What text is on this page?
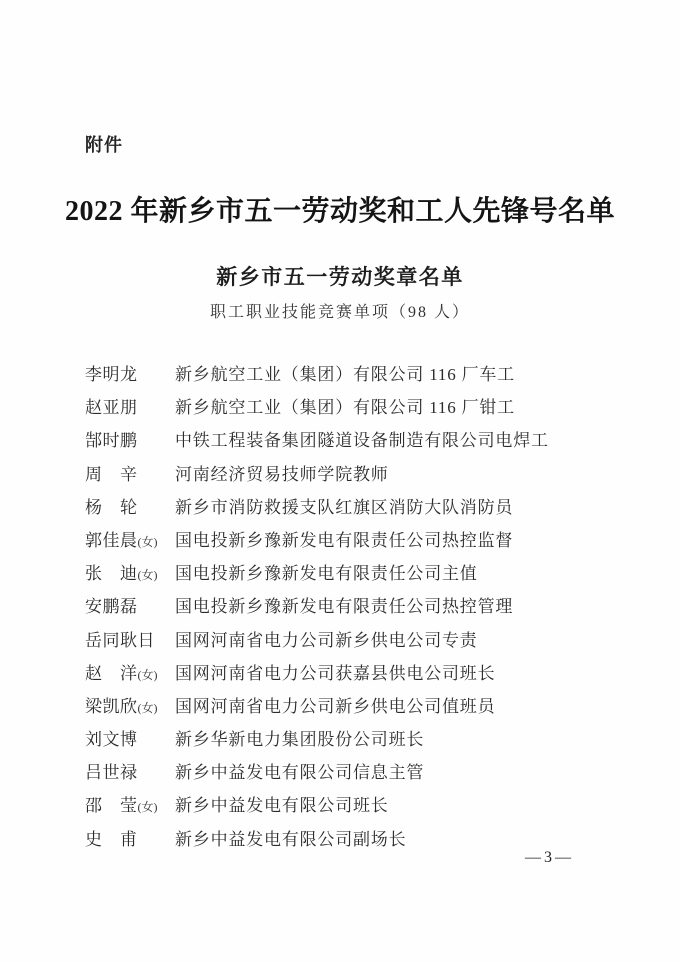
附件
2022 年新乡市五一劳动奖和工人先锋号名单
新乡市五一劳动奖章名单
职工职业技能竞赛单项（98 人）
李明龙	新乡航空工业（集团）有限公司 116 厂车工
赵亚朋	新乡航空工业（集团）有限公司 116 厂钳工
郜时鹏	中铁工程装备集团隧道设备制造有限公司电焊工
周　辛	河南经济贸易技师学院教师
杨　轮	新乡市消防救援支队红旗区消防大队消防员
郭佳晨(女)	国电投新乡豫新发电有限责任公司热控监督
张　迪(女)	国电投新乡豫新发电有限责任公司主值
安鹏磊	国电投新乡豫新发电有限责任公司热控管理
岳同耿日	国网河南省电力公司新乡供电公司专责
赵　洋(女)	国网河南省电力公司获嘉县供电公司班长
梁凯欣(女)	国网河南省电力公司新乡供电公司值班员
刘文博	新乡华新电力集团股份公司班长
吕世禄	新乡中益发电有限公司信息主管
邵　莹(女)	新乡中益发电有限公司班长
史　甫	新乡中益发电有限公司副场长
— 3 —
